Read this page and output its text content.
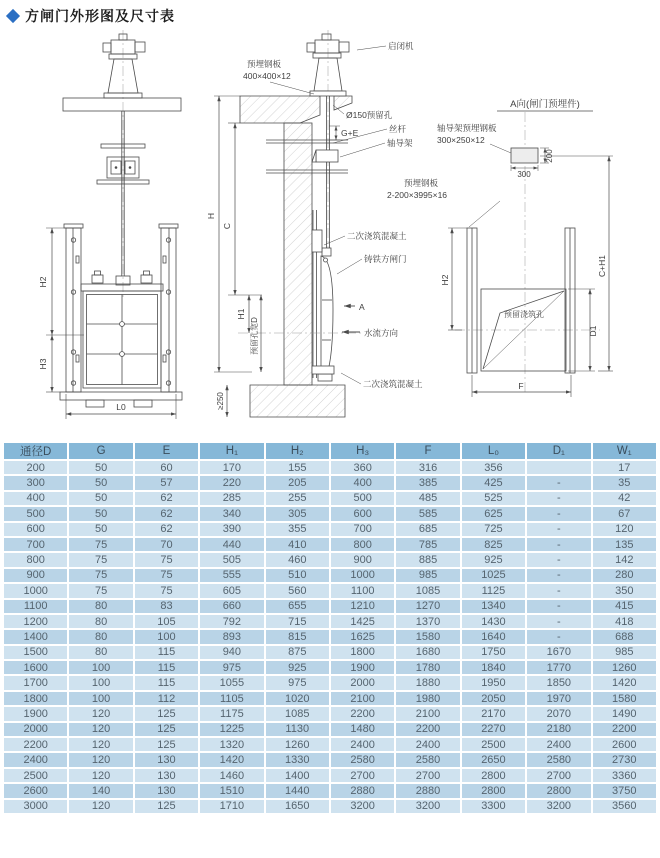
方闸门外形图及尺寸表
H2
H3
L0
预埋钢板
400×400×12
启闭机
Ø150预留孔
G+E	丝杆
轴导架
预埋钢板
2-200×3995×16
二次浇筑混凝土
铸铁方闸门
A
水流方向
二次浇筑混凝土
H
C
H1
预留孔宽D
≥250
A向(闸门预埋件)
轴导架预埋钢板
300×250×12
预留浇筑孔
200
300
H2
C+H1
D1
F
通径D	G	E	H₁	H₂	H₃	F	L₀	D₁	W₁
200	50	60	170	155	360	316	356		17
300	50	57	220	205	400	385	425	-	35
400	50	62	285	255	500	485	525	-	42
500	50	62	340	305	600	585	625	-	67
600	50	62	390	355	700	685	725	-	120
700	75	70	440	410	800	785	825	-	135
800	75	75	505	460	900	885	925	-	142
900	75	75	555	510	1000	985	1025	-	280
1000	75	75	605	560	1100	1085	1125	-	350
1100	80	83	660	655	1210	1270	1340	-	415
1200	80	105	792	715	1425	1370	1430	-	418
1400	80	100	893	815	1625	1580	1640	-	688
1500	80	115	940	875	1800	1680	1750	1670	985
1600	100	115	975	925	1900	1780	1840	1770	1260
1700	100	115	1055	975	2000	1880	1950	1850	1420
1800	100	112	1105	1020	2100	1980	2050	1970	1580
1900	120	125	1175	1085	2200	2100	2170	2070	1490
2000	120	125	1225	1130	1480	2200	2270	2180	2200
2200	120	125	1320	1260	2400	2400	2500	2400	2600
2400	120	130	1420	1330	2580	2580	2650	2580	2730
2500	120	130	1460	1400	2700	2700	2800	2700	3360
2600	140	130	1510	1440	2880	2880	2800	2800	3750
3000	120	125	1710	1650	3200	3200	3300	3200	3560
